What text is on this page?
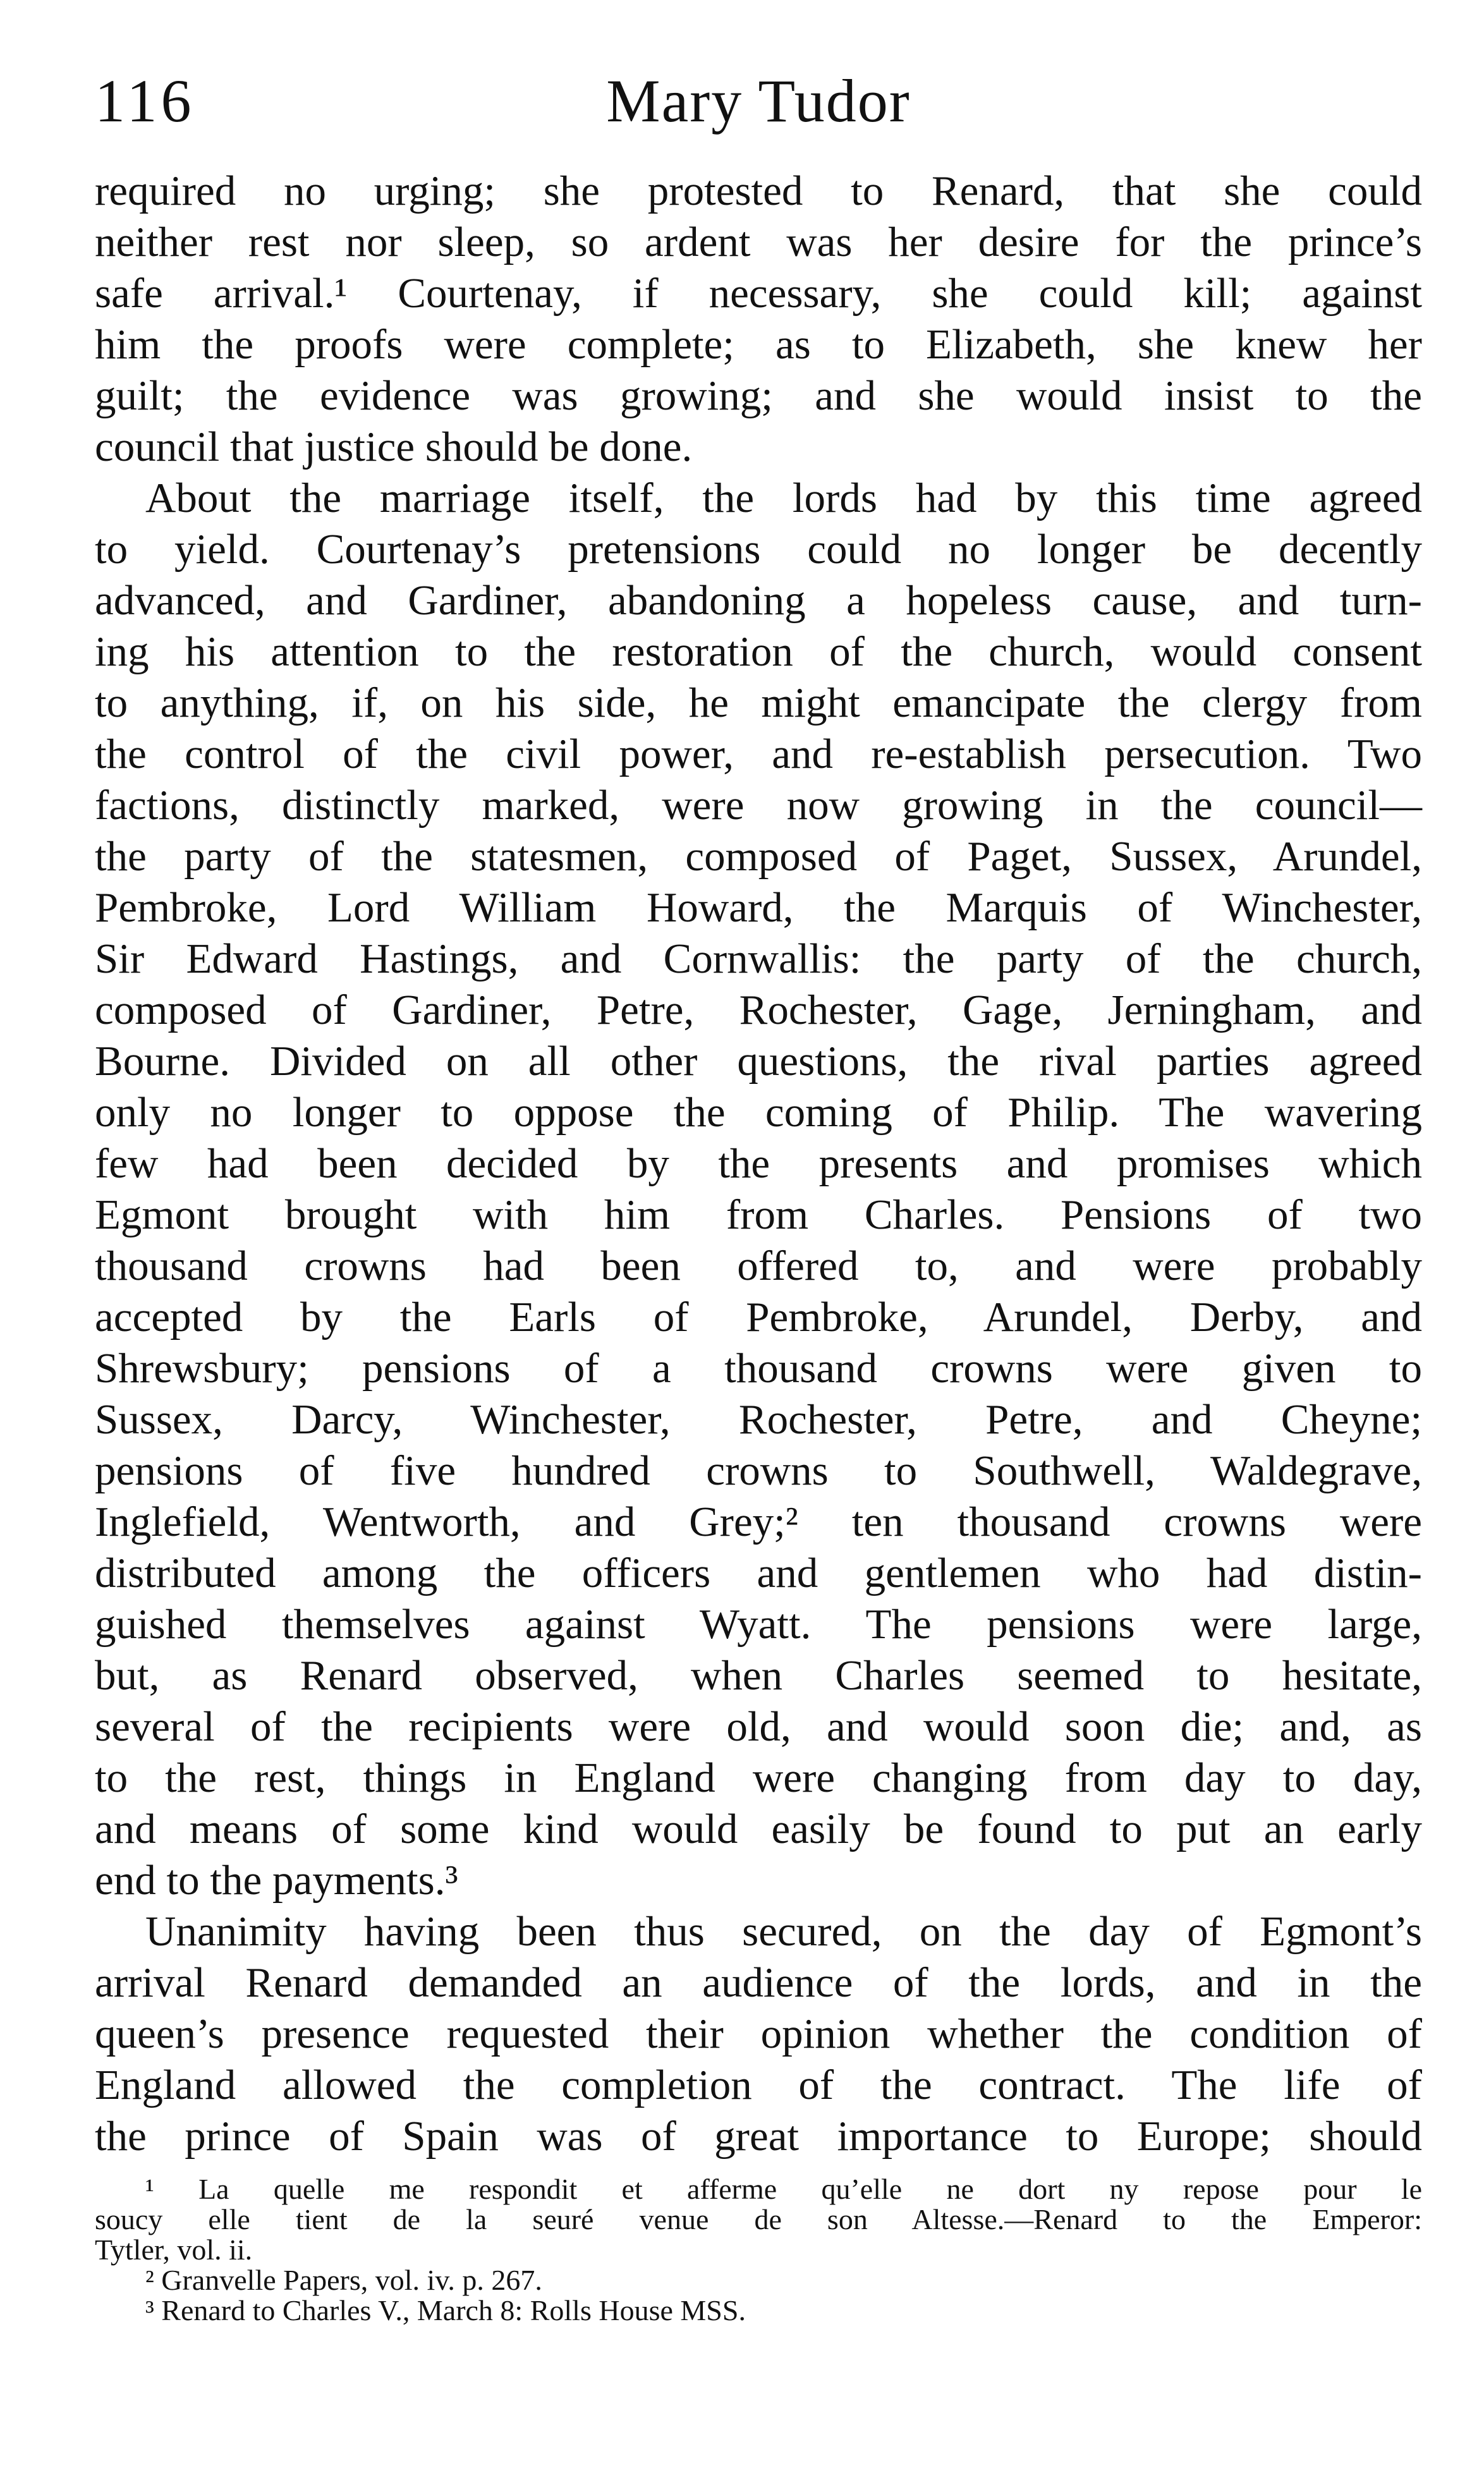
116	Mary Tudor
required no urging; she protested to Renard, that she could
neither rest nor sleep, so ardent was her desire for the prince’s
safe arrival.¹ Courtenay, if necessary, she could kill; against
him the proofs were complete; as to Elizabeth, she knew her
guilt; the evidence was growing; and she would insist to the
council that justice should be done.
About the marriage itself, the lords had by this time agreed
to yield. Courtenay’s pretensions could no longer be decently
advanced, and Gardiner, abandoning a hopeless cause, and turn-
ing his attention to the restoration of the church, would consent
to anything, if, on his side, he might emancipate the clergy from
the control of the civil power, and re-establish persecution. Two
factions, distinctly marked, were now growing in the council—
the party of the statesmen, composed of Paget, Sussex, Arundel,
Pembroke, Lord William Howard, the Marquis of Winchester,
Sir Edward Hastings, and Cornwallis: the party of the church,
composed of Gardiner, Petre, Rochester, Gage, Jerningham, and
Bourne. Divided on all other questions, the rival parties agreed
only no longer to oppose the coming of Philip. The wavering
few had been decided by the presents and promises which
Egmont brought with him from Charles. Pensions of two
thousand crowns had been offered to, and were probably
accepted by the Earls of Pembroke, Arundel, Derby, and
Shrewsbury; pensions of a thousand crowns were given to
Sussex, Darcy, Winchester, Rochester, Petre, and Cheyne;
pensions of five hundred crowns to Southwell, Waldegrave,
Inglefield, Wentworth, and Grey;² ten thousand crowns were
distributed among the officers and gentlemen who had distin-
guished themselves against Wyatt. The pensions were large,
but, as Renard observed, when Charles seemed to hesitate,
several of the recipients were old, and would soon die; and, as
to the rest, things in England were changing from day to day,
and means of some kind would easily be found to put an early
end to the payments.³
Unanimity having been thus secured, on the day of Egmont’s
arrival Renard demanded an audience of the lords, and in the
queen’s presence requested their opinion whether the condition of
England allowed the completion of the contract. The life of
the prince of Spain was of great importance to Europe; should
¹ La quelle me respondit et afferme qu’elle ne dort ny repose pour le
soucy elle tient de la seuré venue de son Altesse.—Renard to the Emperor:
Tytler, vol. ii.
² Granvelle Papers, vol. iv. p. 267.
³ Renard to Charles V., March 8: Rolls House MSS.
